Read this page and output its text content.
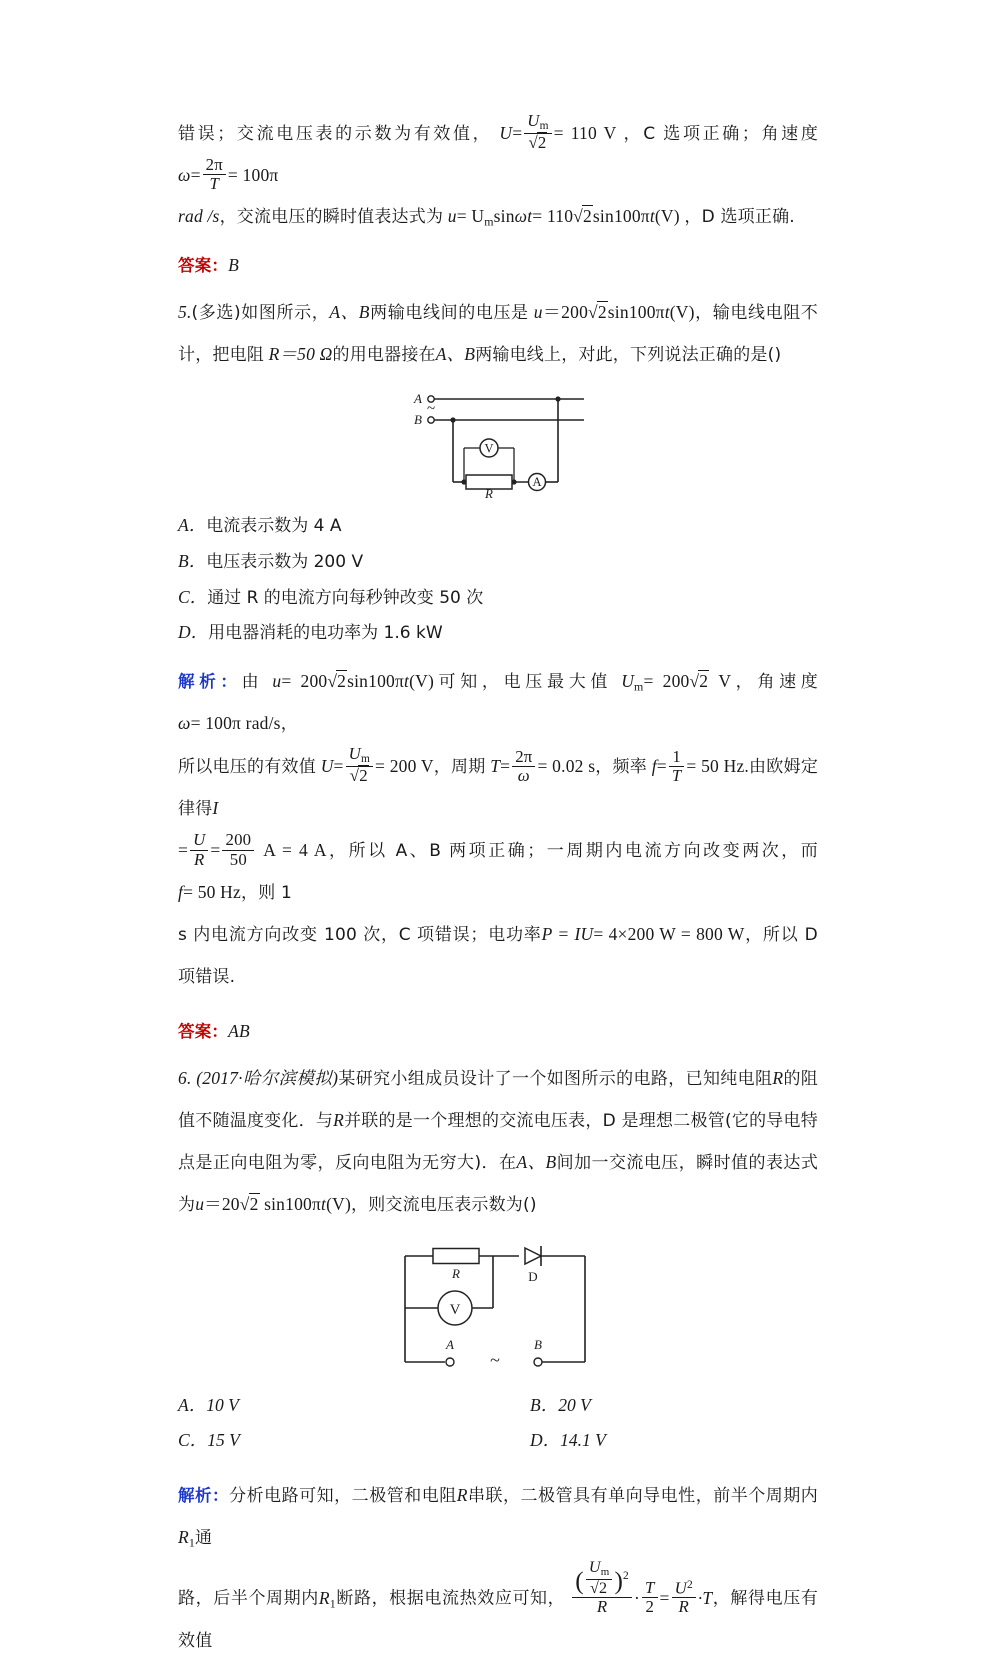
错误；交流电压表的示数为有效值， $U= \frac{U_m}{√2} = 110$ V ，C 选项正确；角速度 $\omega= \frac{2\pi}{T} = 100\pi$
rad /s，交流电压的瞬时值表达式为 $u= U_m\sin\omega t= 110√2\sin 100\pi t(V)$ ，D 选项正确.
答案：B
5.(多选)如图所示，A、B两输电线间的电压是 u＝200√2sin100πt(V)，输电线电阻不计，把电阻 R＝50 Ω的用电器接在A、B两输电线上，对此，下列说法正确的是()
A
B
~
R
A
V
A．电流表示数为 4 A
B．电压表示数为 200 V
C．通过 R 的电流方向每秒钟改变 50 次
D．用电器消耗的电功率为 1.6 kW
解析：由 u= 200√2sin100πt(V)可知，电压最大值 $U_m= 200√2$ V，角速度ω= 100π rad/s，
所以电压的有效值 $U= \frac{U_m}{√2} = 200$ V，周期 $T= \frac{2\pi}{\omega} = 0.02$ s，频率 $f= \frac{1}{T} = 50$ Hz.由欧姆定律得I
= $\frac{U}{R} = \frac{200}{50}$ A = 4 A，所以 A、B 两项正确；一周期内电流方向改变两次，而f= 50 Hz，则 1
s 内电流方向改变 100 次，C 项错误；电功率P = IU= 4×200 W = 800 W，所以 D 项错误.
答案：AB
6. (2017·哈尔滨模拟)某研究小组成员设计了一个如图所示的电路，已知纯电阻R的阻值不随温度变化．与R并联的是一个理想的交流电压表，D 是理想二极管(它的导电特点是正向电阻为零，反向电阻为无穷大)．在A、B间加一交流电压，瞬时值的表达式为u＝20√2 sin100πt(V)，则交流电压表示数为()
R	D
V
A
~
B
A．10 V	B．20 V
C．15 V	D．14.1 V
解析：分析电路可知，二极管和电阻R串联，二极管具有单向导电性，前半个周期内$R_1$通
路，后半个周期内$R_1$断路，根据电流热效应可知， $\frac{( \frac{U_m}{√2} )^2}{R} \cdot \frac{T}{2} = \frac{U^2}{R} \cdot T$，解得电压有效值
